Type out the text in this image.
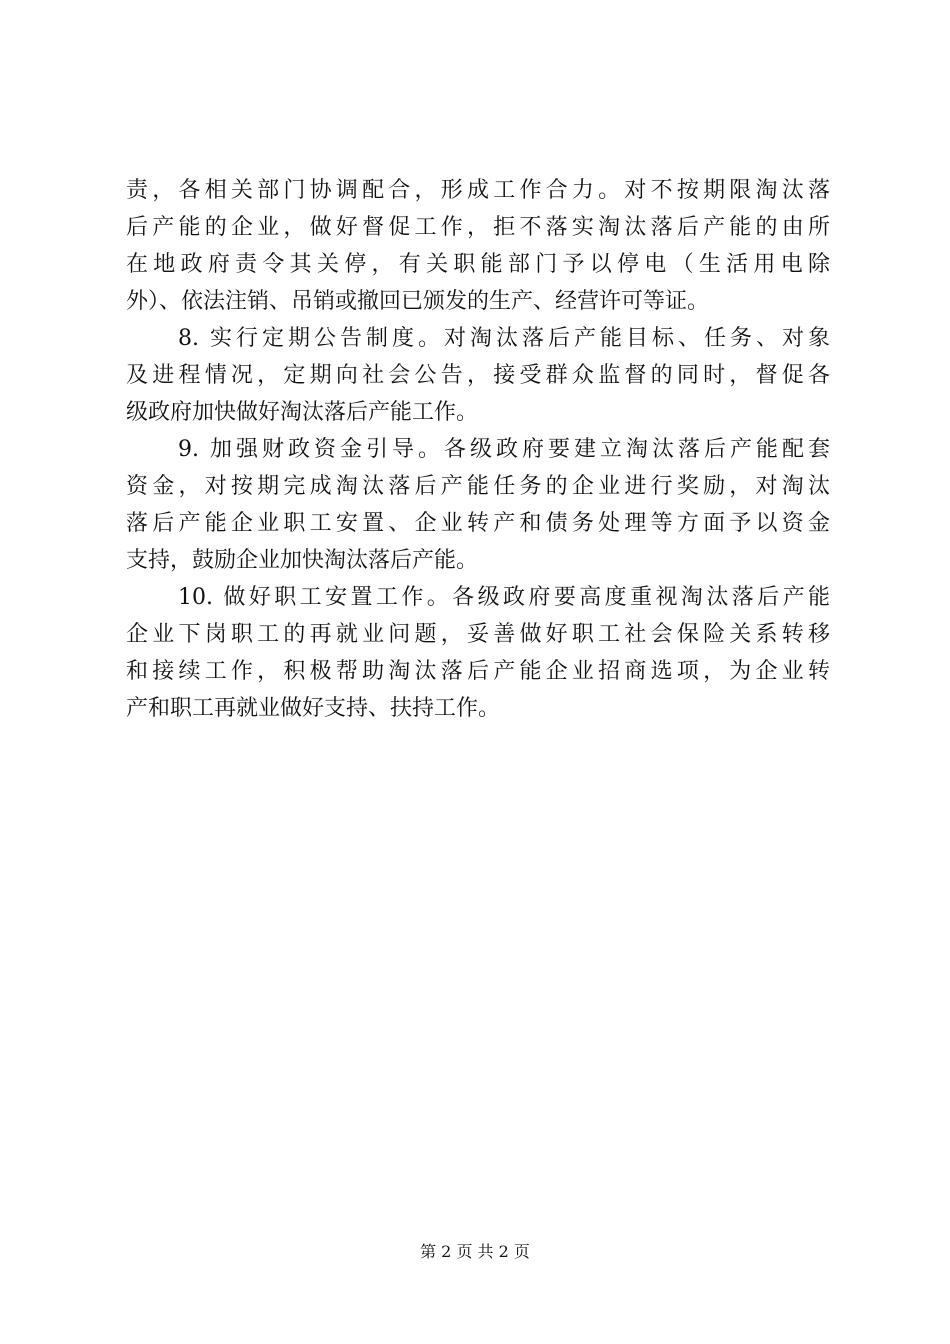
责，各相关部门协调配合，形成工作合力。对不按期限淘汰落
后产能的企业，做好督促工作，拒不落实淘汰落后产能的由所
在地政府责令其关停，有关职能部门予以停电（生活用电除
外）、依法注销、吊销或撤回已颁发的生产、经营许可等证。
8. 实行定期公告制度。对淘汰落后产能目标、任务、对象
及进程情况，定期向社会公告，接受群众监督的同时，督促各
级政府加快做好淘汰落后产能工作。
9. 加强财政资金引导。各级政府要建立淘汰落后产能配套
资金，对按期完成淘汰落后产能任务的企业进行奖励，对淘汰
落后产能企业职工安置、企业转产和债务处理等方面予以资金
支持，鼓励企业加快淘汰落后产能。
10. 做好职工安置工作。各级政府要高度重视淘汰落后产能
企业下岗职工的再就业问题，妥善做好职工社会保险关系转移
和接续工作，积极帮助淘汰落后产能企业招商选项，为企业转
产和职工再就业做好支持、扶持工作。
第 2 页 共 2 页
